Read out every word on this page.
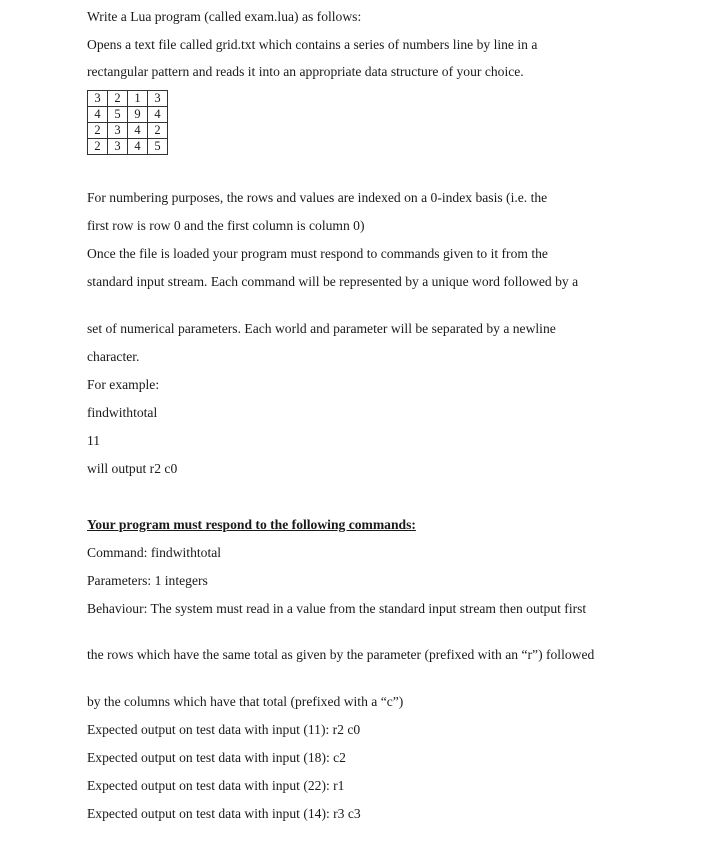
Write a Lua program (called exam.lua) as follows:
Opens a text file called grid.txt which contains a series of numbers line by line in a
rectangular pattern and reads it into an appropriate data structure of your choice.
3	2	1	3
4	5	9	4
2	3	4	2
2	3	4	5
For numbering purposes, the rows and values are indexed on a 0-index basis (i.e. the
first row is row 0 and the first column is column 0)
Once the file is loaded your program must respond to commands given to it from the
standard input stream. Each command will be represented by a unique word followed by a
set of numerical parameters. Each world and parameter will be separated by a newline
character.
For example:
findwithtotal
11
will output r2 c0
Your program must respond to the following commands:
Command: findwithtotal
Parameters: 1 integers
Behaviour: The system must read in a value from the standard input stream then output first
the rows which have the same total as given by the parameter (prefixed with an “r”) followed
by the columns which have that total (prefixed with a “c”)
Expected output on test data with input (11): r2 c0
Expected output on test data with input (18): c2
Expected output on test data with input (22): r1
Expected output on test data with input (14): r3 c3
